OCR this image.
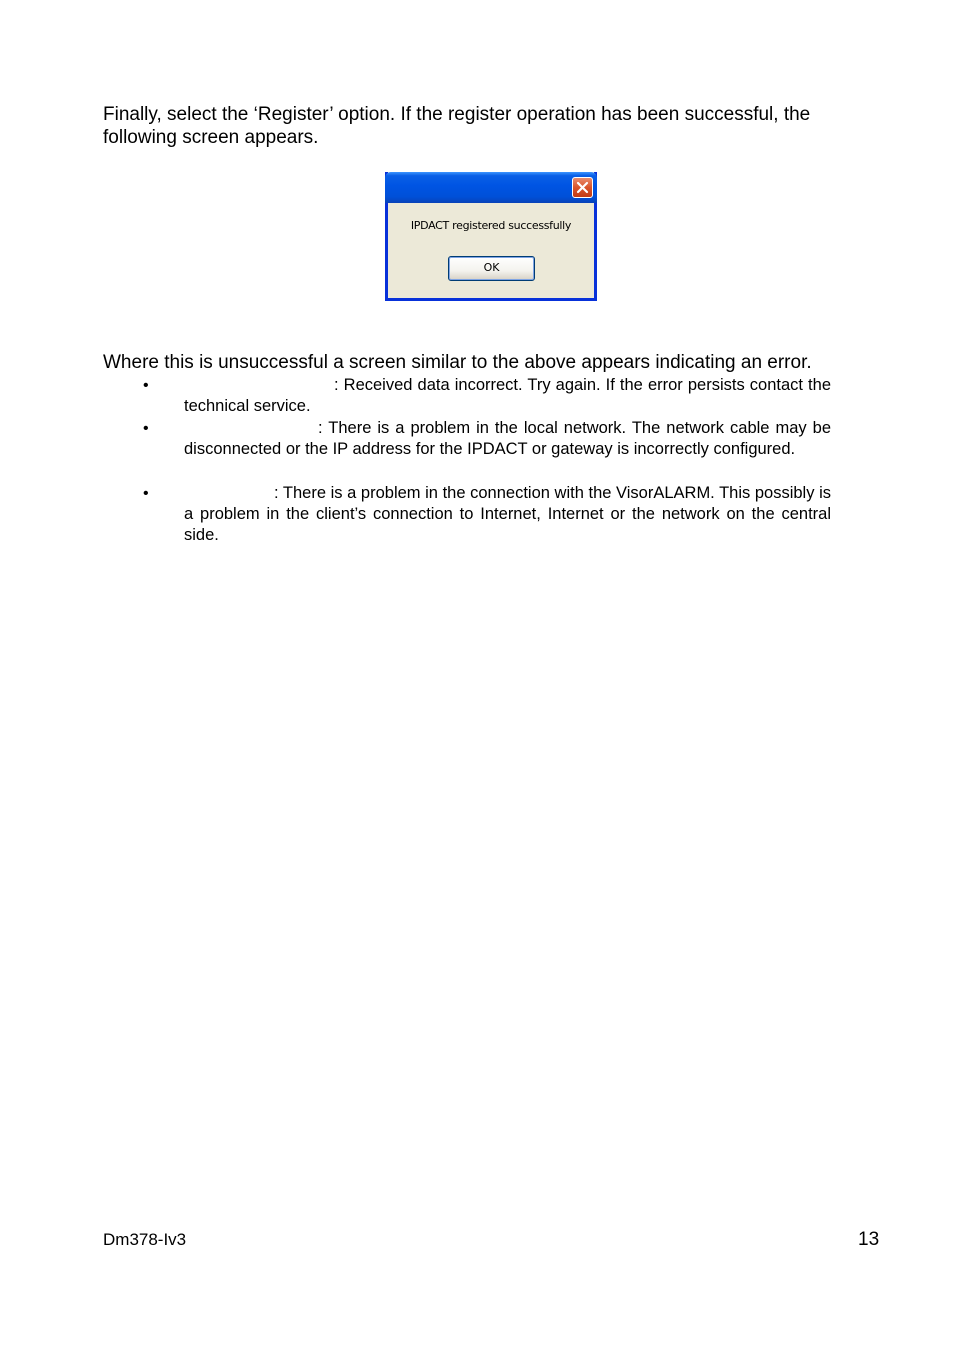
Finally, select the ‘Register’ option. If the register operation has been successful, the following screen appears.

IPDACT registered successfully
OK

Where this is unsuccessful a screen similar to the above appears indicating an error.

•	: Received data incorrect. Try again. If the error persists contact the technical service.

•	: There is a problem in the local network. The network cable may be disconnected or the IP address for the IPDACT or gateway is incorrectly configured.

•	: There is a problem in the connection with the VisorALARM. This possibly is a problem in the client’s connection to Internet, Internet or the network on the central side.

Dm378-Iv3	13
